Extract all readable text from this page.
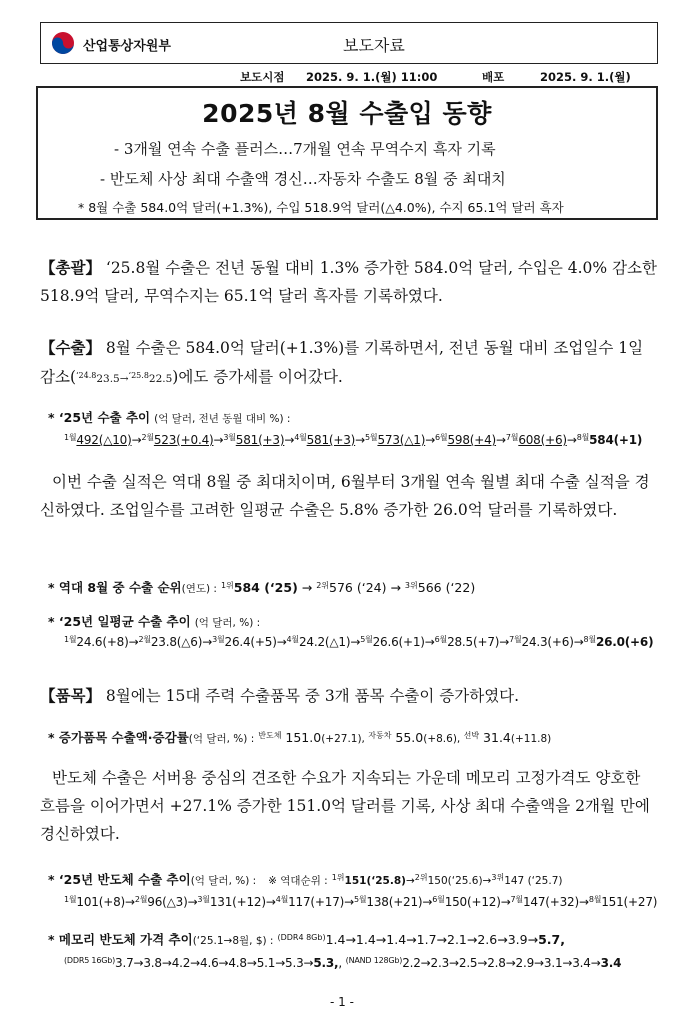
산업통상자원부	보도자료
보도시점 2025. 9. 1.(월) 11:00	배포	2025. 9. 1.(월)
2025년 8월 수출입 동향
- 3개월 연속 수출 플러스…7개월 연속 무역수지 흑자 기록
- 반도체 사상 최대 수출액 경신…자동차 수출도 8월 중 최대치
* 8월 수출 584.0억 달러(+1.3%), 수입 518.9억 달러(△4.0%), 수지 65.1억 달러 흑자
【총괄】 ‘25.8월 수출은 전년 동월 대비 1.3% 증가한 584.0억 달러, 수입은 4.0% 감소한 518.9억 달러, 무역수지는 65.1억 달러 흑자를 기록하였다.
【수출】 8월 수출은 584.0억 달러(+1.3%)를 기록하면서, 전년 동월 대비 조업일수 1일 감소($^{‘24.8}$23.5→$^{‘25.8}$22.5)에도 증가세를 이어갔다.
* ‘25년 수출 추이 (억 달러, 전년 동월 대비 %) :
$^{1월}$492(△10)→$^{2월}$523(+0.4)→$^{3월}$581(+3)→$^{4월}$581(+3)→$^{5월}$573(△1)→$^{6월}$598(+4)→$^{7월}$608(+6)→$^{8월}$584(+1)
이번 수출 실적은 역대 8월 중 최대치이며, 6월부터 3개월 연속 월별 최대 수출 실적을 경신하였다. 조업일수를 고려한 일평균 수출은 5.8% 증가한 26.0억 달러를 기록하였다.
* 역대 8월 중 수출 순위(연도) : $^{1위}$584 (‘25) → $^{2위}$576 (‘24) → $^{3위}$566 (‘22)
* ‘25년 일평균 수출 추이 (억 달러, %) :
$^{1월}$24.6(+8)→$^{2월}$23.8(△6)→$^{3월}$26.4(+5)→$^{4월}$24.2(△1)→$^{5월}$26.6(+1)→$^{6월}$28.5(+7)→$^{7월}$24.3(+6)→$^{8월}$26.0(+6)
【품목】 8월에는 15대 주력 수출품목 중 3개 품목 수출이 증가하였다.
* 증가품목 수출액·증감률(억 달러, %) : $^{반도체}$ 151.0(+27.1), $^{자동차}$ 55.0(+8.6), $^{선박}$ 31.4(+11.8)
반도체 수출은 서버용 중심의 견조한 수요가 지속되는 가운데 메모리 고정가격도 양호한 흐름을 이어가면서 +27.1% 증가한 151.0억 달러를 기록, 사상 최대 수출액을 2개월 만에 경신하였다.
* ‘25년 반도체 수출 추이(억 달러, %) : ※ 역대순위 : $^{1위}$151(‘25.8)→$^{2위}$150(‘25.6)→$^{3위}$147 (‘25.7)
$^{1월}$101(+8)→$^{2월}$96(△3)→$^{3월}$131(+12)→$^{4월}$117(+17)→$^{5월}$138(+21)→$^{6월}$150(+12)→$^{7월}$147(+32)→$^{8월}$151(+27)
* 메모리 반도체 가격 추이(‘25.1→8월, $) : $^{(DDR4 8Gb)}$1.4→1.4→1.4→1.7→2.1→2.6→3.9→5.7,
$^{(DDR5 16Gb)}$3.7→3.8→4.2→4.6→4.8→5.1→5.3→5.3,, $^{(NAND 128Gb)}$2.2→2.3→2.5→2.8→2.9→3.1→3.4→3.4
- 1 -
